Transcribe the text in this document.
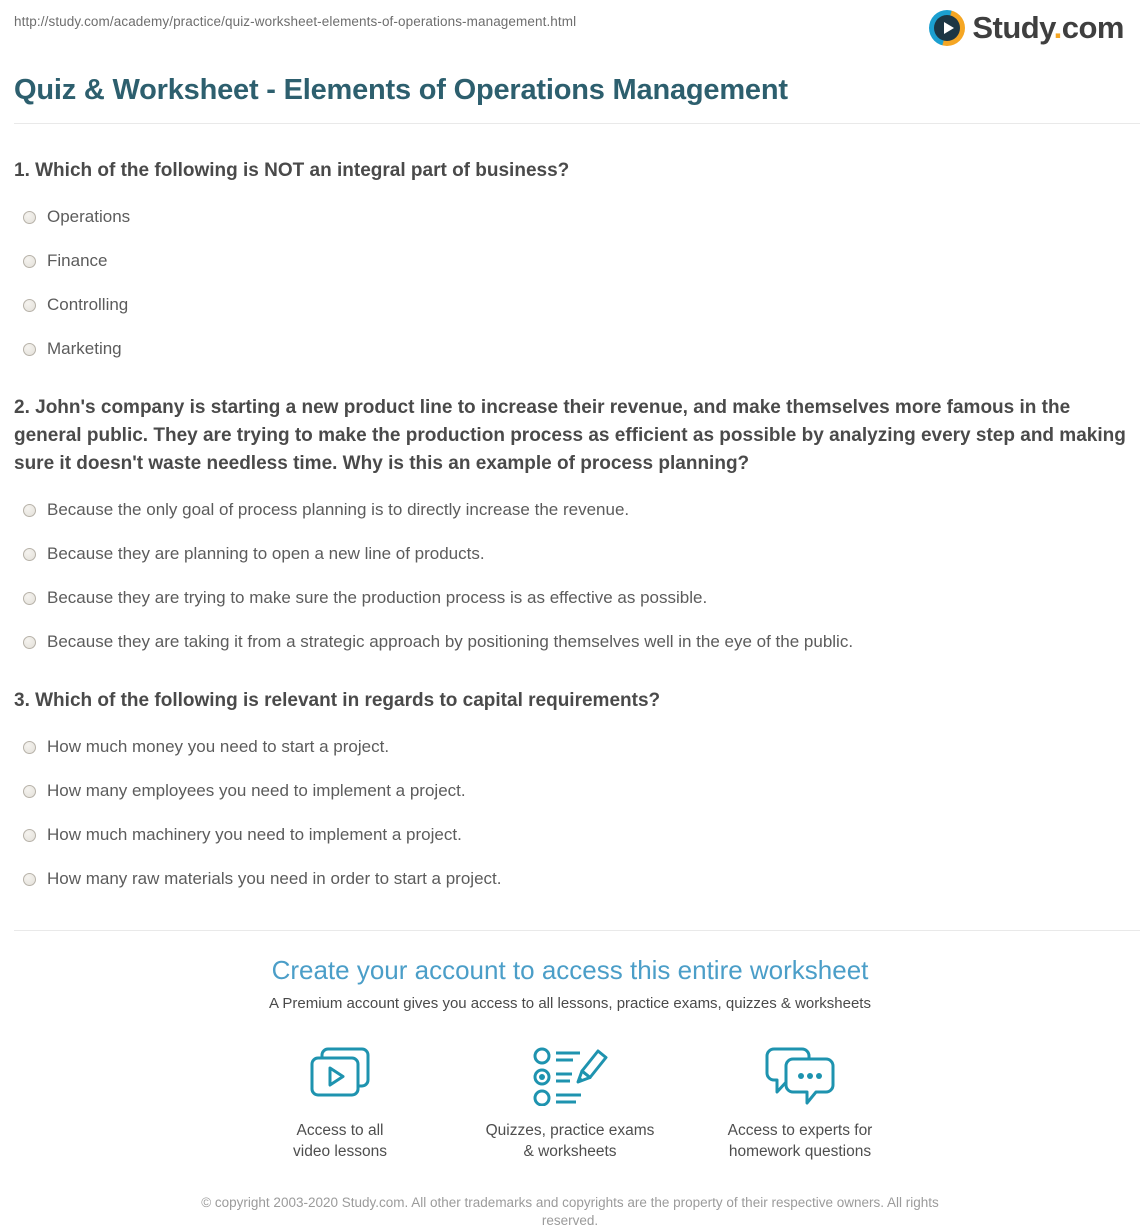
http://study.com/academy/practice/quiz-worksheet-elements-of-operations-management.html	Study.com
Quiz & Worksheet - Elements of Operations Management

1. Which of the following is NOT an integral part of business?

Operations
Finance
Controlling
Marketing

2. John's company is starting a new product line to increase their revenue, and make themselves more famous in the general public. They are trying to make the production process as efficient as possible by analyzing every step and making sure it doesn't waste needless time. Why is this an example of process planning?

Because the only goal of process planning is to directly increase the revenue.
Because they are planning to open a new line of products.
Because they are trying to make sure the production process is as effective as possible.
Because they are taking it from a strategic approach by positioning themselves well in the eye of the public.

3. Which of the following is relevant in regards to capital requirements?

How much money you need to start a project.
How many employees you need to implement a project.
How much machinery you need to implement a project.
How many raw materials you need in order to start a project.
Create your account to access this entire worksheet
A Premium account gives you access to all lessons, practice exams, quizzes & worksheets
Access to all
video lessons
Quizzes, practice exams
& worksheets
Access to experts for
homework questions
© copyright 2003-2020 Study.com. All other trademarks and copyrights are the property of their respective owners. All rights reserved.
